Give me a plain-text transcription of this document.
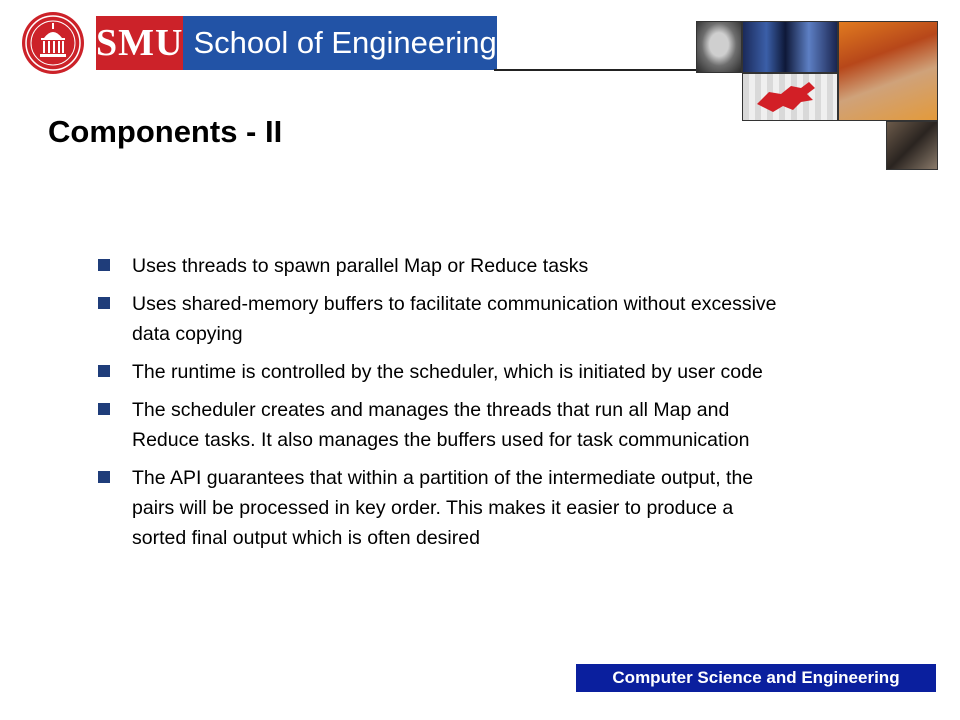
SMU School of Engineering
Components - II
Uses threads to spawn parallel Map or Reduce tasks
Uses shared-memory buffers to facilitate communication without excessive data copying
The runtime is controlled by the scheduler, which is initiated by user code
The scheduler creates and manages the threads that run all Map and Reduce tasks. It also manages the buffers used for task communication
The API guarantees that within a partition of the intermediate output, the pairs will be processed in key order. This makes it easier to produce a sorted final output which is often desired
Computer Science and Engineering
